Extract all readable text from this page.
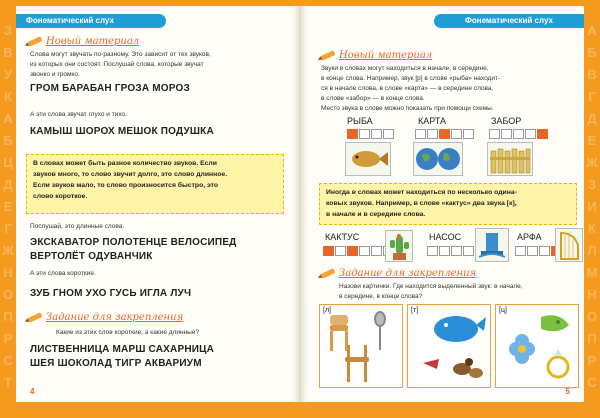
З
В
У
К
А
Б
Ц
Д
Е
Г
Ж
Н
О
П
Р
С
Т
А
Б
В
Г
Д
Е
Ж
З
И
К
Л
М
Н
О
П
Р
С
Фонематический слух
Новый материал
Слова могут звучать по-разному. Это зависит от тех звуков,
из которых они состоят. Послушай слова, которые звучат
звонко и громко.
ГРОМ БАРАБАН ГРОЗА МОРОЗ
А эти слова звучат глухо и тихо.
КАМЫШ ШОРОХ МЕШОК ПОДУШКА
В словах может быть разное количество звуков. Если
звуков много, то слово звучит долго, это слово длинное.
Если звуков мало, то слово произносится быстро, это
слово короткое.
Послушай, это длинные слова.
ЭКСКАВАТОР ПОЛОТЕНЦЕ ВЕЛОСИПЕД
ВЕРТОЛЁТ ОДУВАНЧИК
А эти слова короткие.
ЗУБ ГНОМ УХО ГУСЬ ИГЛА ЛУЧ
Задание для закрепления
Какие из этих слов короткие, а какие длинные?
ЛИСТВЕННИЦА МАРШ САХАРНИЦА
ШЕЯ ШОКОЛАД ТИГР АКВАРИУМ
4
Фонематический слух
Новый материал
Звуки в словах могут находиться в начале, в середине,
в конце слова. Например, звук [р] в слове «рыба» находит-
ся в начале слова, в слове «карта» — в середине слова,
в слове «забор» — в конце слова.
Место звука в слове можно показать при помощи схемы.
РЫБА	КАРТА	ЗАБОР
Иногда в словах может находиться по несколько одина-
ковых звуков. Например, в слове «кактус» два звука [к],
в начале и в середине слова.
КАКТУС	НАСОС	АРФА
Задание для закрепления
Назови картинки. Где находится выделенный звук: в начале,
в середине, в конце слова?
[л]	[т]	[ц]
5
